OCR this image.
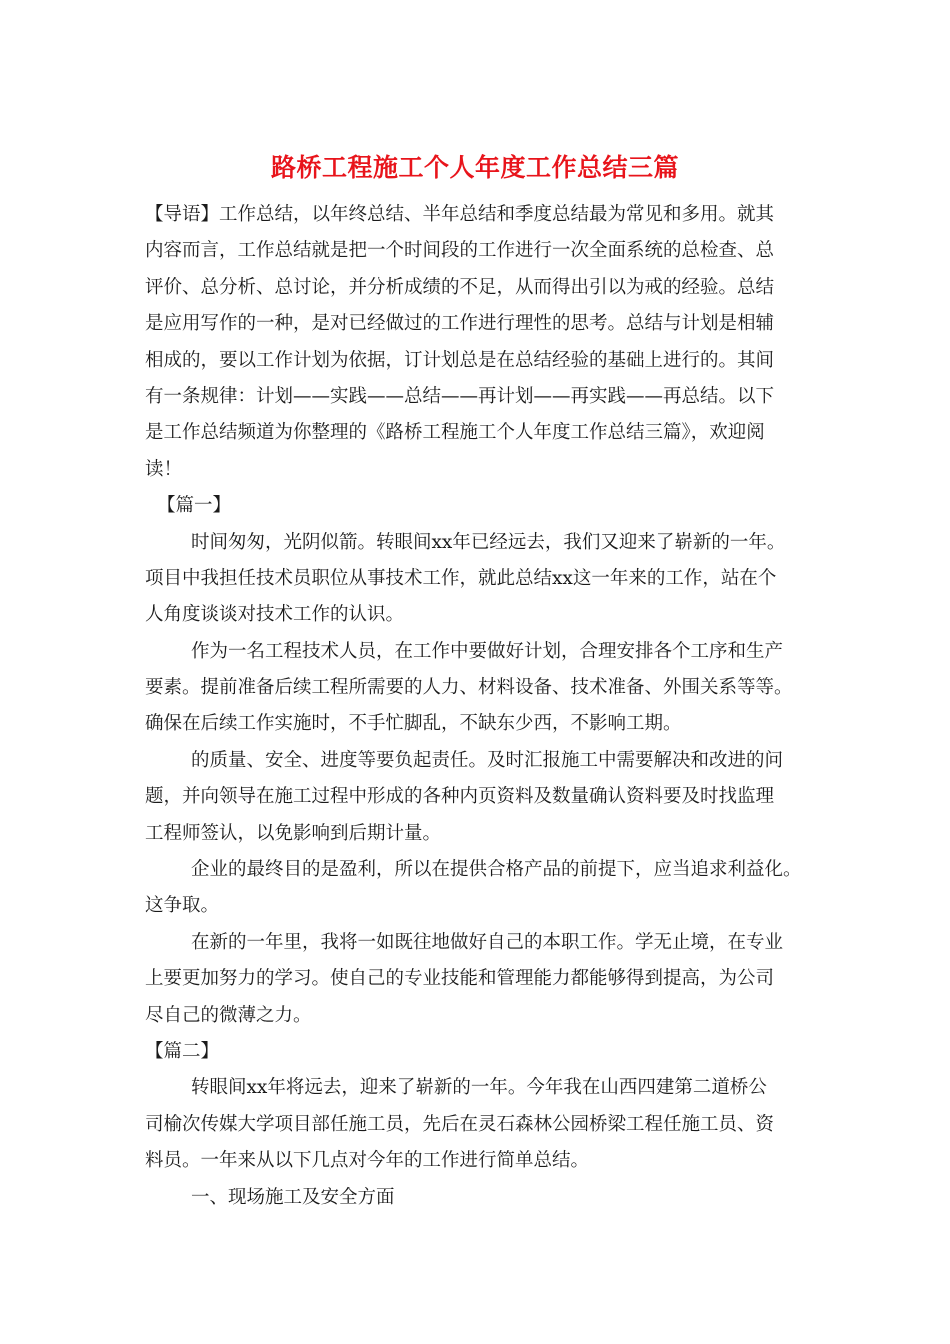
路桥工程施工个人年度工作总结三篇
【导语】工作总结，以年终总结、半年总结和季度总结最为常见和多用。就其
内容而言，工作总结就是把一个时间段的工作进行一次全面系统的总检查、总
评价、总分析、总讨论，并分析成绩的不足，从而得出引以为戒的经验。总结
是应用写作的一种，是对已经做过的工作进行理性的思考。总结与计划是相辅
相成的，要以工作计划为依据，订计划总是在总结经验的基础上进行的。其间
有一条规律：计划——实践——总结——再计划——再实践——再总结。以下
是工作总结频道为你整理的《路桥工程施工个人年度工作总结三篇》，欢迎阅
读！
【篇一】
时间匆匆，光阴似箭。转眼间xx年已经远去，我们又迎来了崭新的一年。
项目中我担任技术员职位从事技术工作，就此总结xx这一年来的工作，站在个
人角度谈谈对技术工作的认识。
作为一名工程技术人员，在工作中要做好计划，合理安排各个工序和生产
要素。提前准备后续工程所需要的人力、材料设备、技术准备、外围关系等等。
确保在后续工作实施时，不手忙脚乱，不缺东少西，不影响工期。
的质量、安全、进度等要负起责任。及时汇报施工中需要解决和改进的问
题，并向领导在施工过程中形成的各种内页资料及数量确认资料要及时找监理
工程师签认，以免影响到后期计量。
企业的最终目的是盈利，所以在提供合格产品的前提下，应当追求利益化。
这争取。
在新的一年里，我将一如既往地做好自己的本职工作。学无止境，在专业
上要更加努力的学习。使自己的专业技能和管理能力都能够得到提高，为公司
尽自己的微薄之力。
【篇二】
转眼间xx年将远去，迎来了崭新的一年。今年我在山西四建第二道桥公
司榆次传媒大学项目部任施工员，先后在灵石森林公园桥梁工程任施工员、资
料员。一年来从以下几点对今年的工作进行简单总结。
一、现场施工及安全方面
